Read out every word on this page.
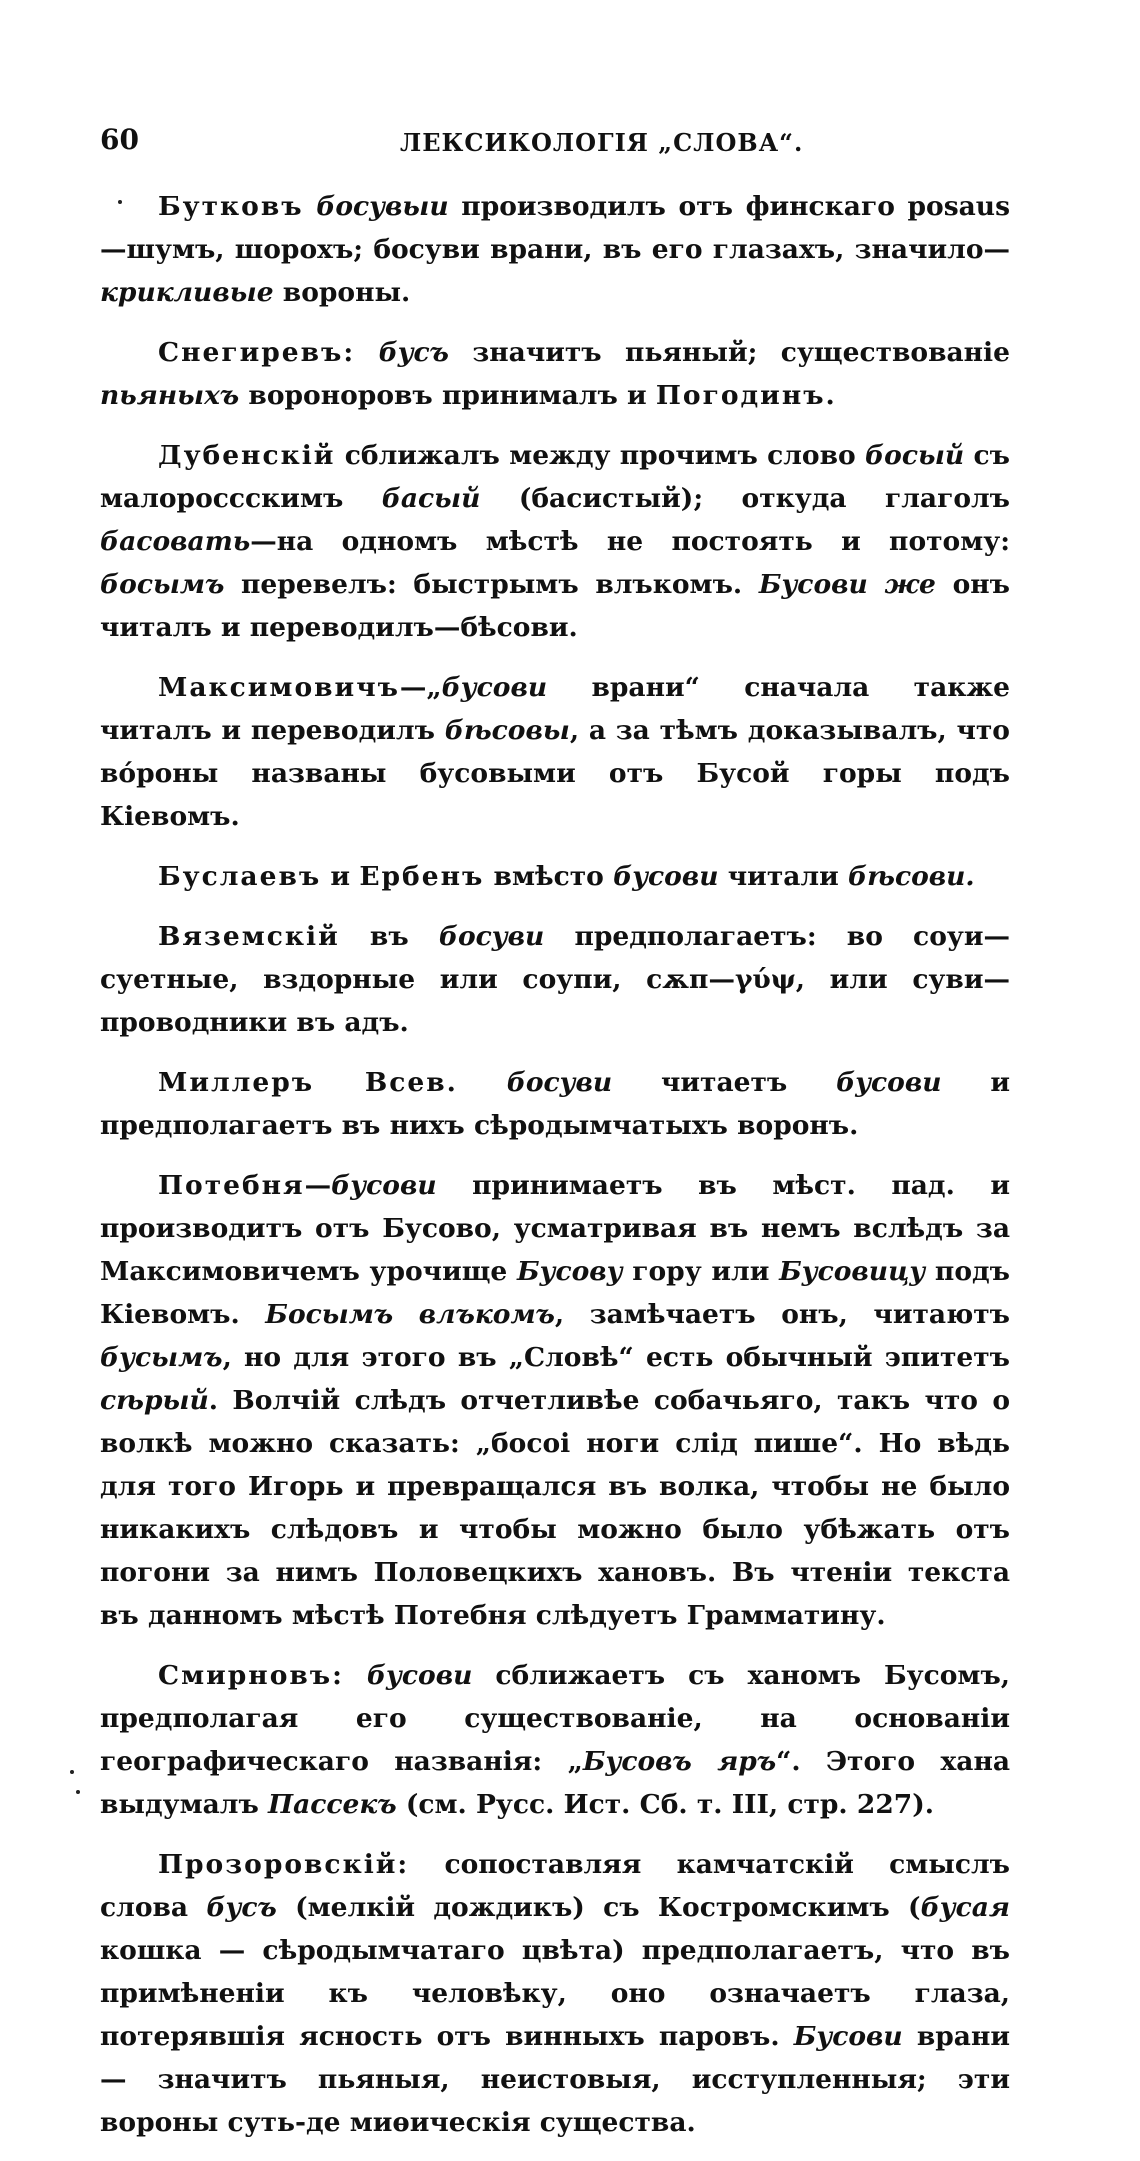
60	ЛЕКСИКОЛОГІЯ „СЛОВА“.

Бутковъ босувыи производилъ отъ финскаго posaus—шумъ, шорохъ; босуви врани, въ его глазахъ, значило—крикливые вороны.

Снегиревъ: бусъ значитъ пьяный; существованіе пьяныхъ вороноровъ принималъ и Погодинъ.

Дубенскій сближалъ между прочимъ слово босый съ малороссскимъ басый (басистый); откуда глаголъ басовать—на одномъ мѣстѣ не постоять и потому: босымъ перевелъ: быстрымъ влъкомъ. Бусови же онъ читалъ и переводилъ—бѣсови.

Максимовичъ—„бусови врани“ сначала также читалъ и переводилъ бѣсовы, а за тѣмъ доказывалъ, что вóроны названы бусовыми отъ Бусой горы подъ Кіевомъ.

Буслаевъ и Ербенъ вмѣсто бусови читали бѣсови.

Вяземскій въ босуви предполагаетъ: во соуи—суетные, вздорные или соупи, сѫп—γύψ, или суви—проводники въ адъ.

Миллеръ Всев. босуви читаетъ бусови и предполагаетъ въ нихъ сѣродымчатыхъ воронъ.

Потебня—бусови принимаетъ въ мѣст. пад. и производитъ отъ Бусово, усматривая въ немъ вслѣдъ за Максимовичемъ урочище Бусову гору или Бусовицу подъ Кіевомъ. Босымъ влъкомъ, замѣчаетъ онъ, читаютъ бусымъ, но для этого въ „Словѣ“ есть обычный эпитетъ сѣрый. Волчій слѣдъ отчетливѣе собачьяго, такъ что о волкѣ можно сказать: „босоі ноги слід пише“. Но вѣдь для того Игорь и превращался въ волка, чтобы не было никакихъ слѣдовъ и чтобы можно было убѣжать отъ погони за нимъ Половецкихъ хановъ. Въ чтеніи текста въ данномъ мѣстѣ Потебня слѣдуетъ Грамматину.

Смирновъ: бусови сближаетъ съ ханомъ Бусомъ, предполагая его существованіе, на основаніи географическаго названія: „Бусовъ яръ“. Этого хана выдумалъ Пассекъ (см. Русс. Ист. Сб. т. III, стр. 227).

Прозоровскій: сопоставляя камчатскій смыслъ слова бусъ (мелкій дождикъ) съ Костромскимъ (бусая кошка — сѣродымчатаго цвѣта) предполагаетъ, что въ примѣненіи къ человѣку, оно означаетъ глаза, потерявшія ясность отъ винныхъ паровъ. Бусови врани — значитъ пьяныя, неистовыя, исступленныя; эти вороны суть-де миѳическія существа.
